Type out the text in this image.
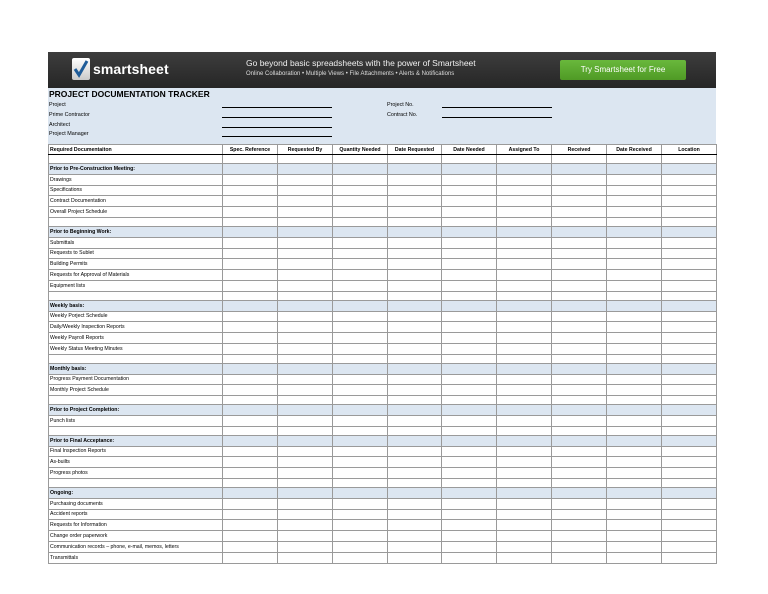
smartsheet	Go beyond basic spreadsheets with the power of Smartsheet
Online Collaboration • Multiple Views • File Attachments • Alerts & Notifications	Try Smartsheet for Free
PROJECT DOCUMENTATION TRACKER
Project
Prime Contractor
Architect
Project Manager
Project No.
Contract No.
Required Documentaiton	Spec. Reference	Requested By	Quantity Needed	Date Requested	Date Needed	Assigned To	Received	Date Received	Location

Prior to Pre-Construction Meeting:									
Drawings									
Specifications									
Contract Documentation									
Overall Project Schedule									

Prior to Beginning Work:									
Submittals									
Requests to Sublet									
Building Permits									
Requests for Approval of Materials									
Equipment lists									

Weekly basis:									
Weekly Porject Schedule									
Daily/Weekly Inspection Reports									
Weekly Payroll Reports									
Weekly Status Meeting Minutes									

Monthly basis:									
Progress Payment Documentation									
Monthly Project Schedule									

Prior to Project Completion:									
Punch lists									

Prior to Final Acceptance:									
Final Inspection Reports									
As-builts									
Progress photos									

Ongoing:									
Purchasing documents									
Accident reports									
Requests for Information									
Change order paperwork									
Communication records – phone, e-mail, memos, letters									
Transmittals									
